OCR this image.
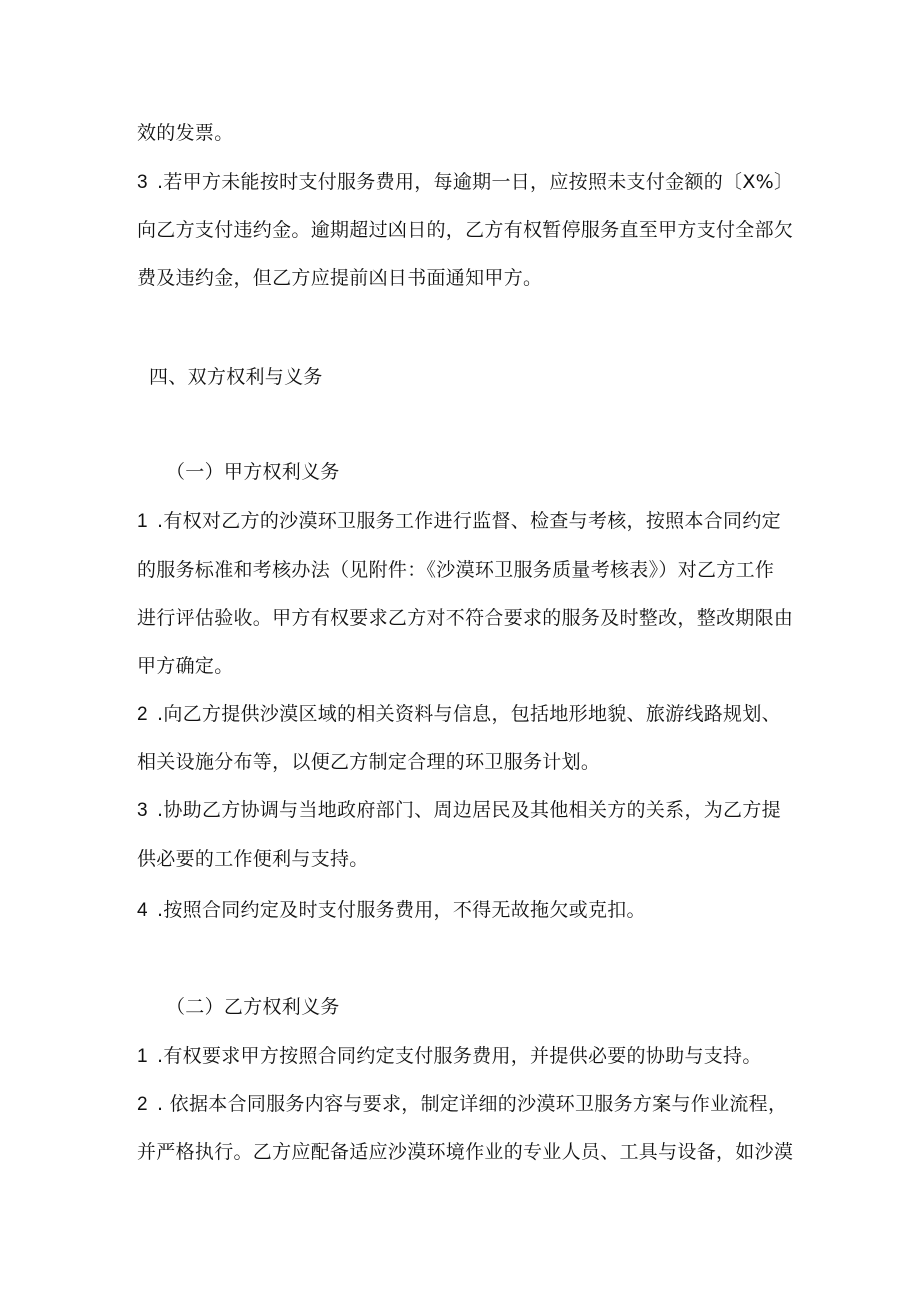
效的发票。
3 .若甲方未能按时支付服务费用，每逾期一日，应按照未支付金额的〔X%〕
向乙方支付违约金。逾期超过凶日的，乙方有权暂停服务直至甲方支付全部欠
费及违约金，但乙方应提前凶日书面通知甲方。
四、双方权利与义务
（一）甲方权利义务
1 .有权对乙方的沙漠环卫服务工作进行监督、检查与考核，按照本合同约定
的服务标准和考核办法（见附件：《沙漠环卫服务质量考核表》）对乙方工作
进行评估验收。甲方有权要求乙方对不符合要求的服务及时整改，整改期限由
甲方确定。
2 .向乙方提供沙漠区域的相关资料与信息，包括地形地貌、旅游线路规划、
相关设施分布等，以便乙方制定合理的环卫服务计划。
3 .协助乙方协调与当地政府部门、周边居民及其他相关方的关系，为乙方提
供必要的工作便利与支持。
4 .按照合同约定及时支付服务费用，不得无故拖欠或克扣。
（二）乙方权利义务
1 .有权要求甲方按照合同约定支付服务费用，并提供必要的协助与支持。
2 . 依据本合同服务内容与要求，制定详细的沙漠环卫服务方案与作业流程，
并严格执行。乙方应配备适应沙漠环境作业的专业人员、工具与设备，如沙漠
